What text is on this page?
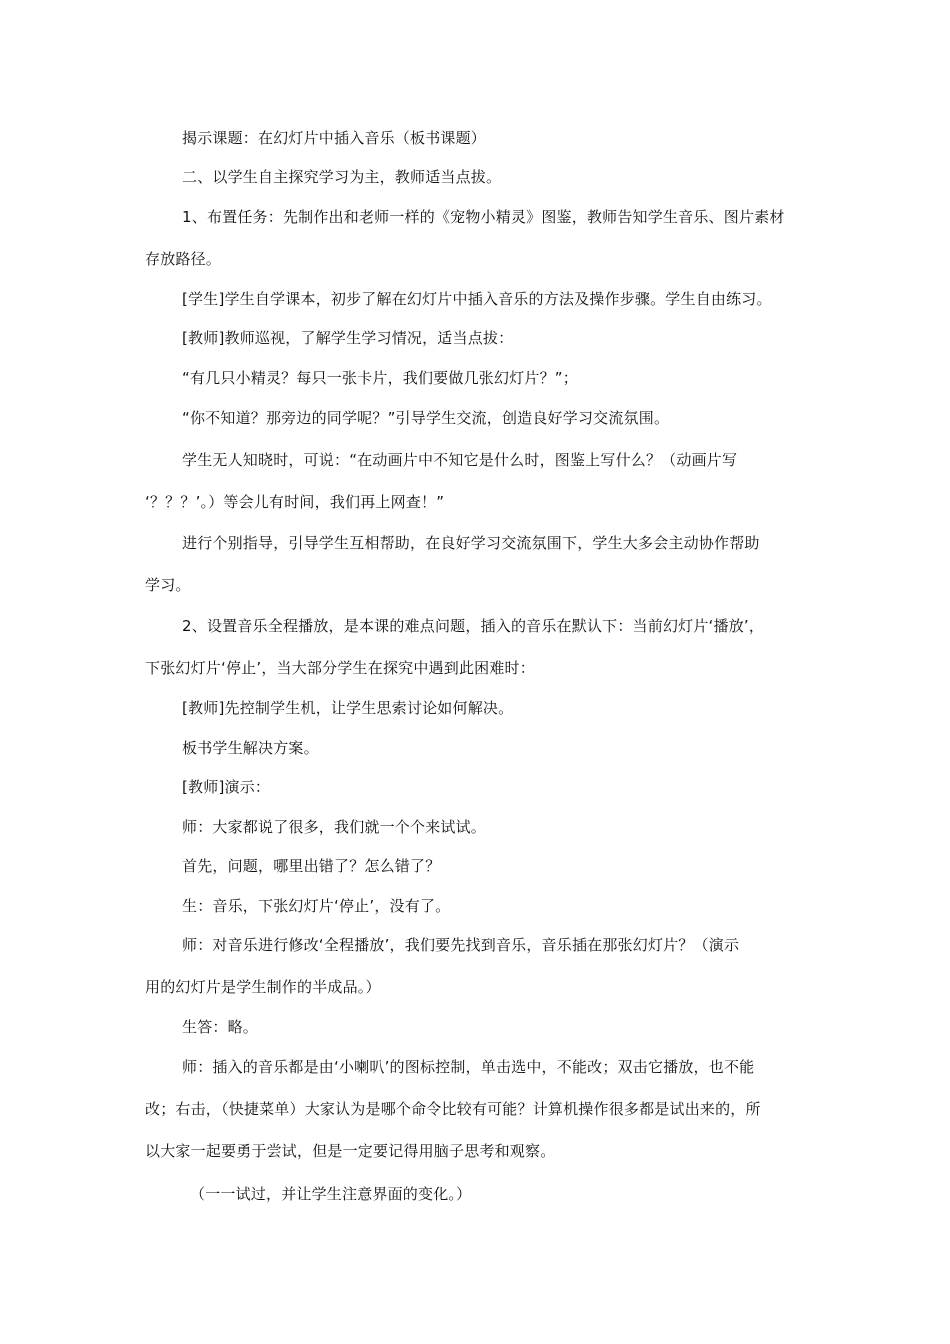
揭示课题：在幻灯片中插入音乐（板书课题）
二、以学生自主探究学习为主，教师适当点拔。
1、布置任务：先制作出和老师一样的《宠物小精灵》图鉴，教师告知学生音乐、图片素材
存放路径。
[学生]学生自学课本，初步了解在幻灯片中插入音乐的方法及操作步骤。学生自由练习。
[教师]教师巡视，了解学生学习情况，适当点拔：
“有几只小精灵？每只一张卡片，我们要做几张幻灯片？”；
“你不知道？那旁边的同学呢？”引导学生交流，创造良好学习交流氛围。
学生无人知晓时，可说：“在动画片中不知它是什么时，图鉴上写什么？（动画片写
‘？？？’。）等会儿有时间，我们再上网查！”
进行个别指导，引导学生互相帮助，在良好学习交流氛围下，学生大多会主动协作帮助
学习。
2、设置音乐全程播放，是本课的难点问题，插入的音乐在默认下：当前幻灯片‘播放’，
下张幻灯片‘停止’，当大部分学生在探究中遇到此困难时：
[教师]先控制学生机，让学生思索讨论如何解决。
板书学生解决方案。
[教师]演示：
师：大家都说了很多，我们就一个个来试试。
首先，问题，哪里出错了？怎么错了？
生：音乐，下张幻灯片‘停止’，没有了。
师：对音乐进行修改‘全程播放’，我们要先找到音乐，音乐插在那张幻灯片？（演示
用的幻灯片是学生制作的半成品。）
生答：略。
师：插入的音乐都是由‘小喇叭’的图标控制，单击选中，不能改；双击它播放，也不能
改；右击，（快捷菜单）大家认为是哪个命令比较有可能？计算机操作很多都是试出来的，所
以大家一起要勇于尝试，但是一定要记得用脑子思考和观察。
（一一试过，并让学生注意界面的变化。）
